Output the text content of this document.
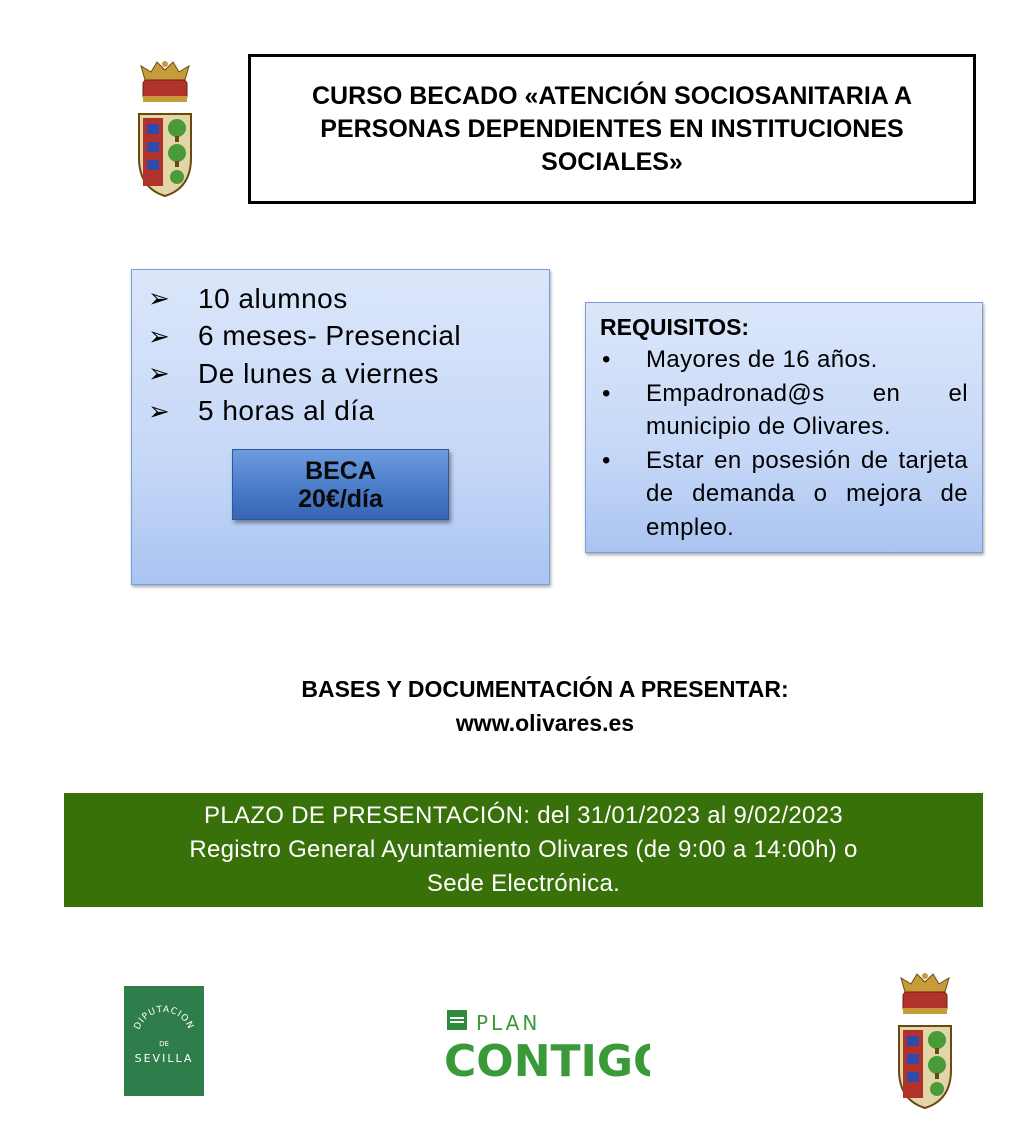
CURSO BECADO «ATENCIÓN SOCIOSANITARIA A
PERSONAS DEPENDIENTES EN INSTITUCIONES
SOCIALES»
➢ 10 alumnos
➢ 6 meses- Presencial
➢ De lunes a viernes
➢ 5 horas al día
BECA
20€/día
REQUISITOS:
•	Mayores de 16 años.
•	Empadronad@s en el municipio de Olivares.
•	Estar en posesión de tarjeta de demanda o mejora de empleo.
BASES Y DOCUMENTACIÓN A PRESENTAR:
www.olivares.es
PLAZO DE PRESENTACIÓN: del 31/01/2023 al 9/02/2023
Registro General Ayuntamiento Olivares (de 9:00 a 14:00h) o
Sede Electrónica.
DIPUTACION
DE
SEVILLA
PLAN
CONTIGO
